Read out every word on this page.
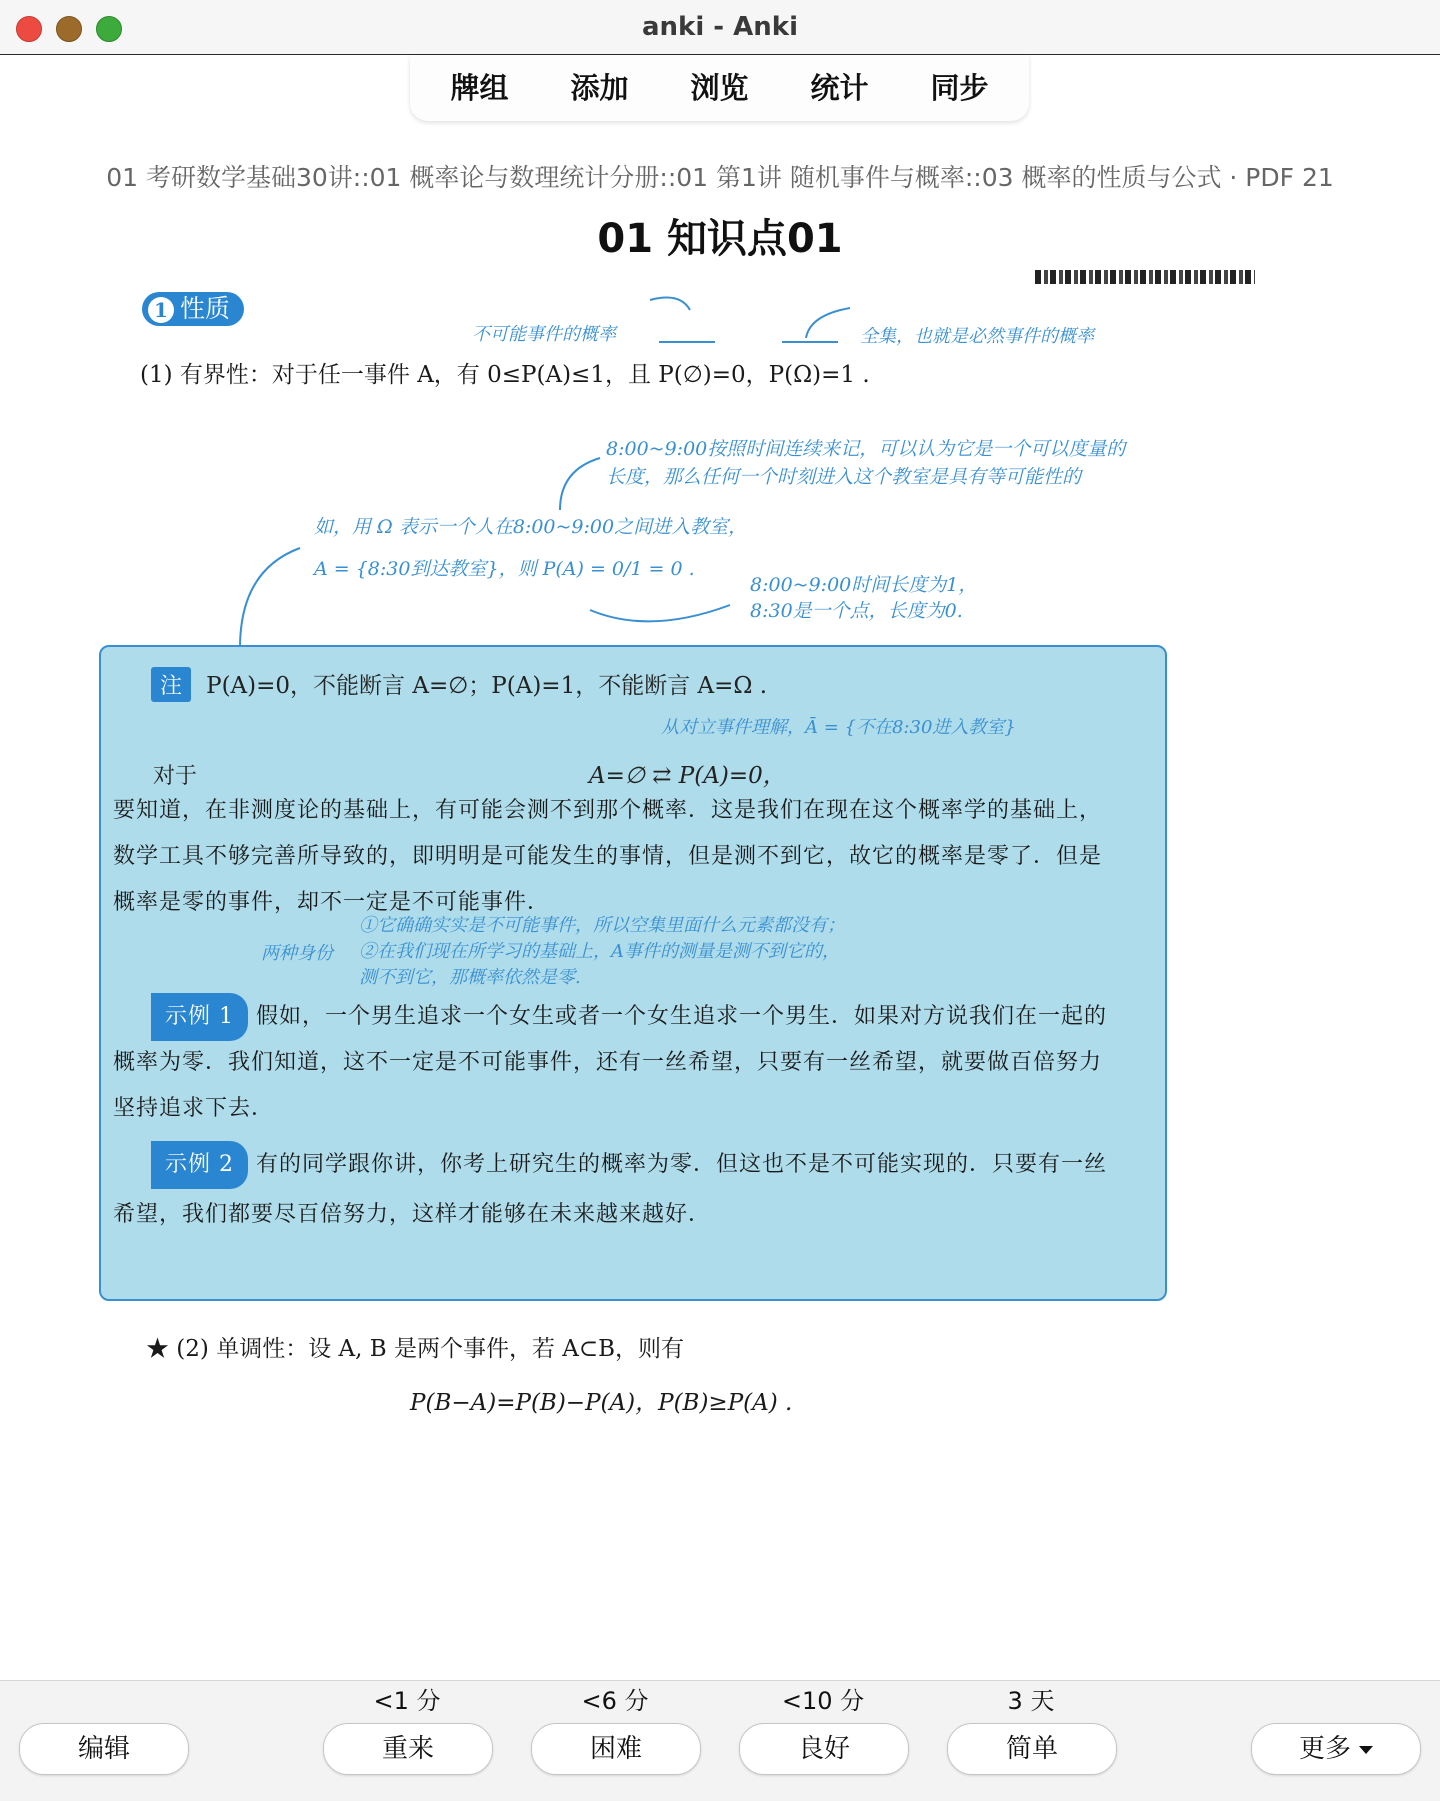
anki - Anki
牌组	添加	浏览	统计	同步
01 考研数学基础30讲::01 概率论与数理统计分册::01 第1讲 随机事件与概率::03 概率的性质与公式 · PDF 21
01 知识点01
1 性质
不可能事件的概率	全集，也就是必然事件的概率
(1) 有界性：对于任一事件 A，有 0≤P(A)≤1，且 P(∅)=0，P(Ω)=1 .
8:00~9:00按照时间连续来记，可以认为它是一个可以度量的
长度，那么任何一个时刻进入这个教室是具有等可能性的
如，用 Ω 表示一个人在8:00~9:00之间进入教室，
A = {8:30到达教室}，则 P(A) = 0/1 = 0 .
8:00~9:00时间长度为1，
8:30是一个点，长度为0.
注 P(A)=0，不能断言 A=∅；P(A)=1，不能断言 A=Ω .
从对立事件理解，Ā = {不在8:30进入教室}
对于	A=∅ ⇄ P(A)=0，
要知道，在非测度论的基础上，有可能会测不到那个概率．这是我们在现在这个概率学的基础上，
数学工具不够完善所导致的，即明明是可能发生的事情，但是测不到它，故它的概率是零了．但是
概率是零的事件，却不一定是不可能事件．
两种身份
①它确确实实是不可能事件，所以空集里面什么元素都没有；
②在我们现在所学习的基础上，A事件的测量是测不到它的，
测不到它，那概率依然是零.
示例 1 假如，一个男生追求一个女生或者一个女生追求一个男生．如果对方说我们在一起的
概率为零．我们知道，这不一定是不可能事件，还有一丝希望，只要有一丝希望，就要做百倍努力
坚持追求下去．
示例 2 有的同学跟你讲，你考上研究生的概率为零．但这也不是不可能实现的．只要有一丝
希望，我们都要尽百倍努力，这样才能够在未来越来越好．
★ (2) 单调性：设 A, B 是两个事件，若 A⊂B，则有
P(B−A)=P(B)−P(A)，P(B)≥P(A) .
编辑
<1 分
重来
<6 分
困难
<10 分
良好
3 天
简单	更多
